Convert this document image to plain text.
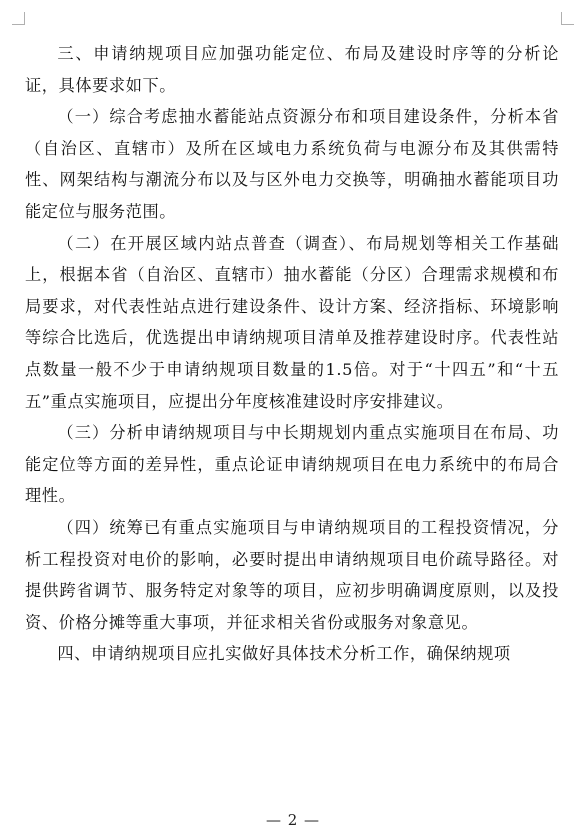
三、申请纳规项目应加强功能定位、布局及建设时序等的分析论证，具体要求如下。

（一）综合考虑抽水蓄能站点资源分布和项目建设条件，分析本省（自治区、直辖市）及所在区域电力系统负荷与电源分布及其供需特性、网架结构与潮流分布以及与区外电力交换等，明确抽水蓄能项目功能定位与服务范围。

（二）在开展区域内站点普查（调查）、布局规划等相关工作基础上，根据本省（自治区、直辖市）抽水蓄能（分区）合理需求规模和布局要求，对代表性站点进行建设条件、设计方案、经济指标、环境影响等综合比选后，优选提出申请纳规项目清单及推荐建设时序。代表性站点数量一般不少于申请纳规项目数量的1.5倍。对于“十四五”和“十五五”重点实施项目，应提出分年度核准建设时序安排建议。

（三）分析申请纳规项目与中长期规划内重点实施项目在布局、功能定位等方面的差异性，重点论证申请纳规项目在电力系统中的布局合理性。

（四）统筹已有重点实施项目与申请纳规项目的工程投资情况，分析工程投资对电价的影响，必要时提出申请纳规项目电价疏导路径。对提供跨省调节、服务特定对象等的项目，应初步明确调度原则，以及投资、价格分摊等重大事项，并征求相关省份或服务对象意见。

四、申请纳规项目应扎实做好具体技术分析工作，确保纳规项

— 2 —
